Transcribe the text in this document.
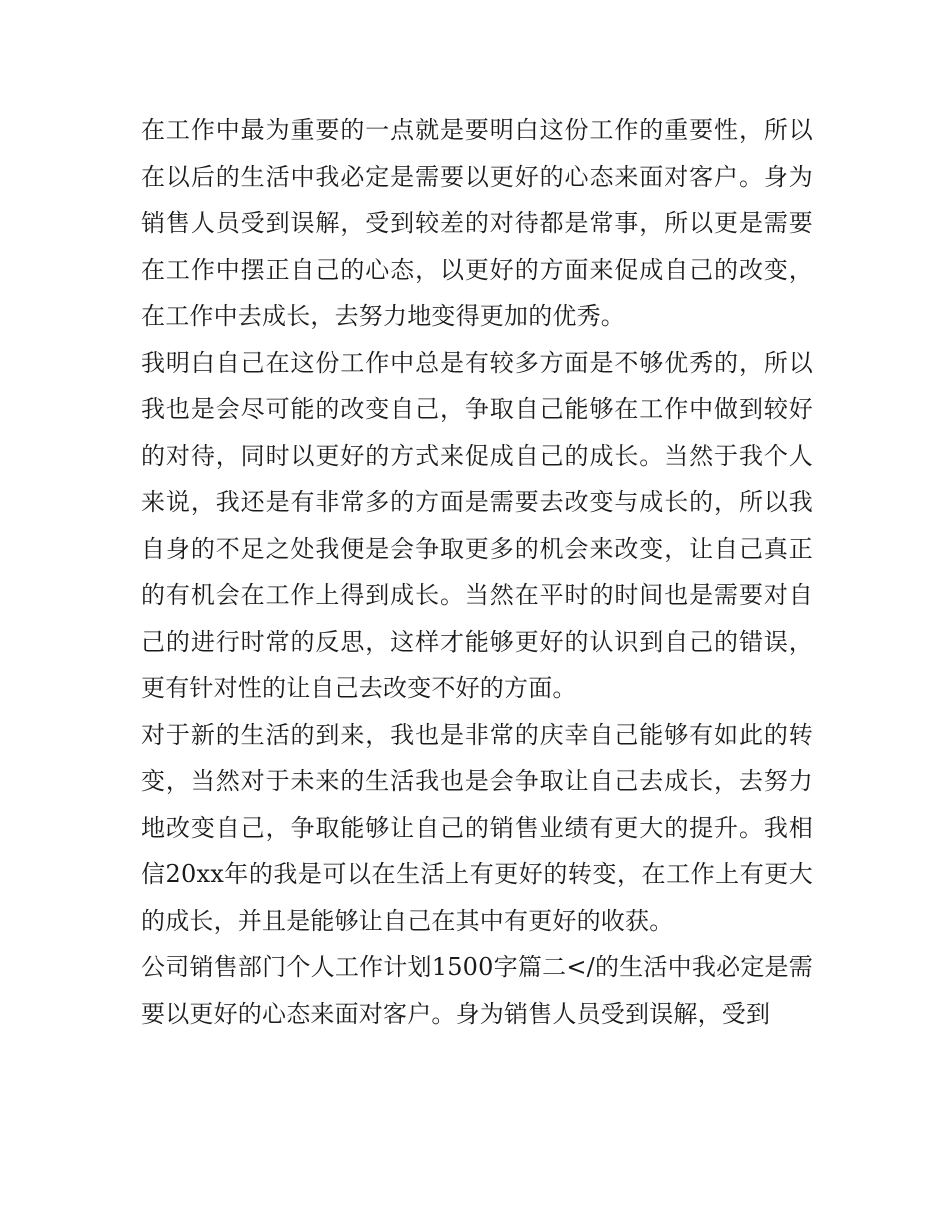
在工作中最为重要的一点就是要明白这份工作的重要性，所以在以后的生活中我必定是需要以更好的心态来面对客户。身为销售人员受到误解，受到较差的对待都是常事，所以更是需要在工作中摆正自己的心态，以更好的方面来促成自己的改变，在工作中去成长，去努力地变得更加的优秀。

我明白自己在这份工作中总是有较多方面是不够优秀的，所以我也是会尽可能的改变自己，争取自己能够在工作中做到较好的对待，同时以更好的方式来促成自己的成长。当然于我个人来说，我还是有非常多的方面是需要去改变与成长的，所以我自身的不足之处我便是会争取更多的机会来改变，让自己真正的有机会在工作上得到成长。当然在平时的时间也是需要对自己的进行时常的反思，这样才能够更好的认识到自己的错误，更有针对性的让自己去改变不好的方面。

对于新的生活的到来，我也是非常的庆幸自己能够有如此的转变，当然对于未来的生活我也是会争取让自己去成长，去努力地改变自己，争取能够让自己的销售业绩有更大的提升。我相信20xx年的我是可以在生活上有更好的转变，在工作上有更大的成长，并且是能够让自己在其中有更好的收获。

公司销售部门个人工作计划1500字篇二</的生活中我必定是需要以更好的心态来面对客户。身为销售人员受到误解，受到
